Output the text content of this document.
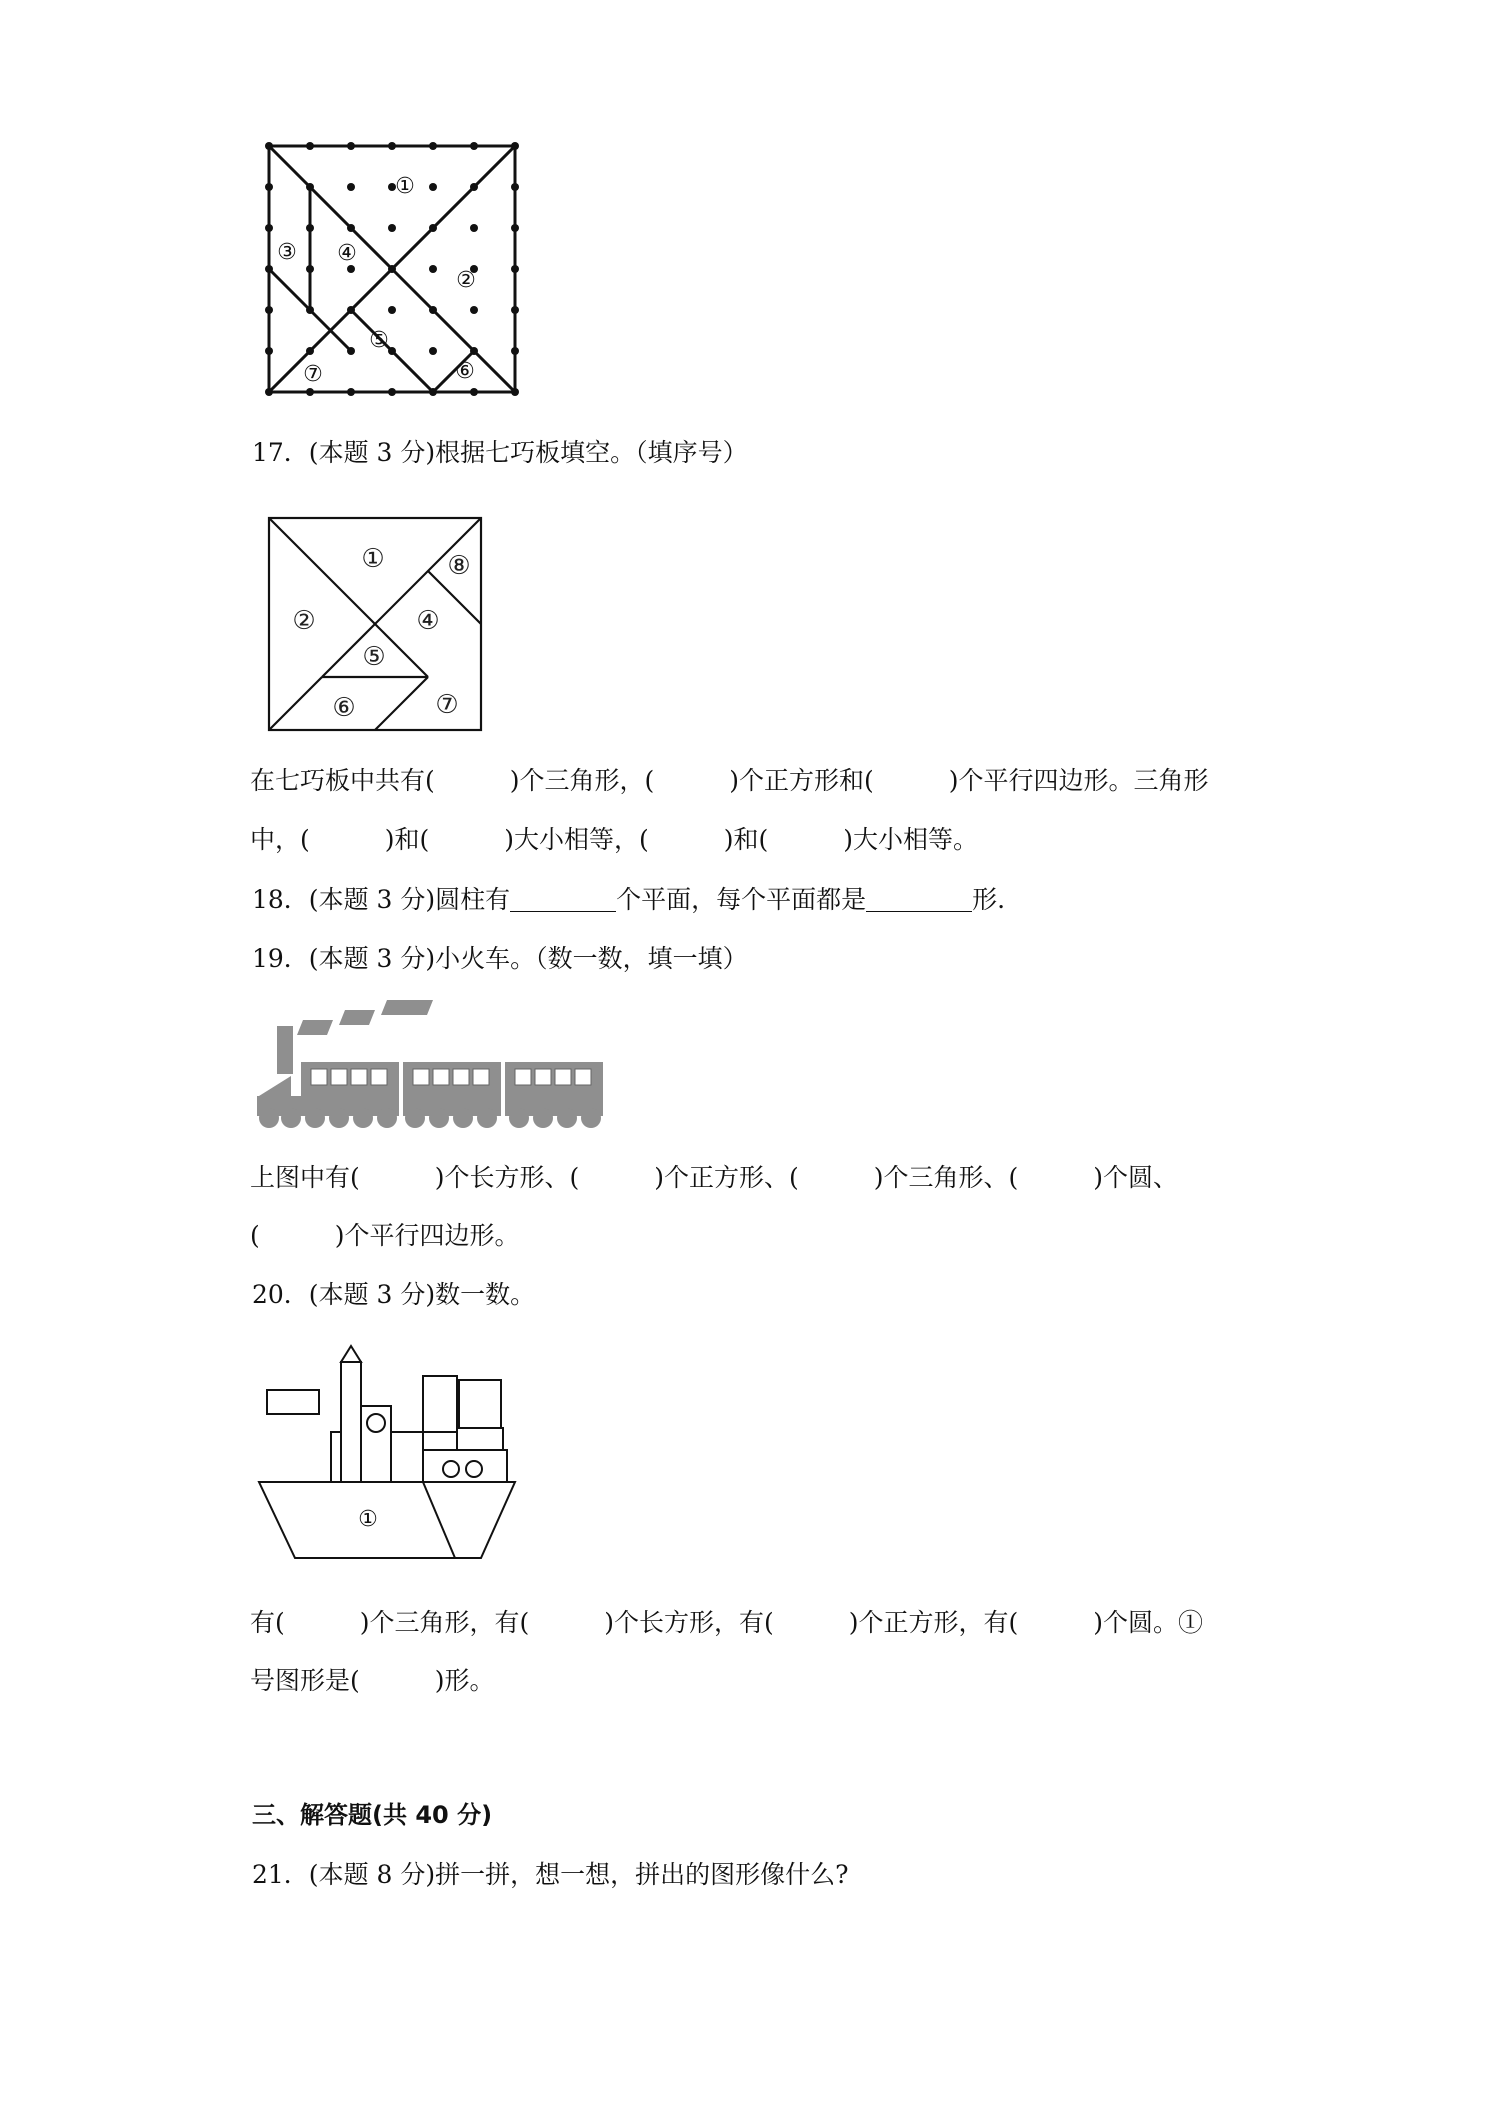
①
②
③ ④
⑤
⑥
⑦
17．(本题 3 分)根据七巧板填空。（填序号）
①
②
⑧
④
⑤
⑥	⑦
在七巧板中共有(　　　)个三角形，(　　　)个正方形和(　　　)个平行四边形。三角形
中，(　　　)和(　　　)大小相等，(　　　)和(　　　)大小相等。
18．(本题 3 分)圆柱有	个平面，每个平面都是	形.
19．(本题 3 分)小火车。（数一数，填一填）
上图中有(　　　)个长方形、(　　　)个正方形、(　　　)个三角形、(　　　)个圆、
(　　　)个平行四边形。
20．(本题 3 分)数一数。
①
有(　　　)个三角形，有(　　　)个长方形，有(　　　)个正方形，有(　　　)个圆。①
号图形是(　　　)形。
三、解答题(共 40 分)
21．(本题 8 分)拼一拼，想一想，拼出的图形像什么?
